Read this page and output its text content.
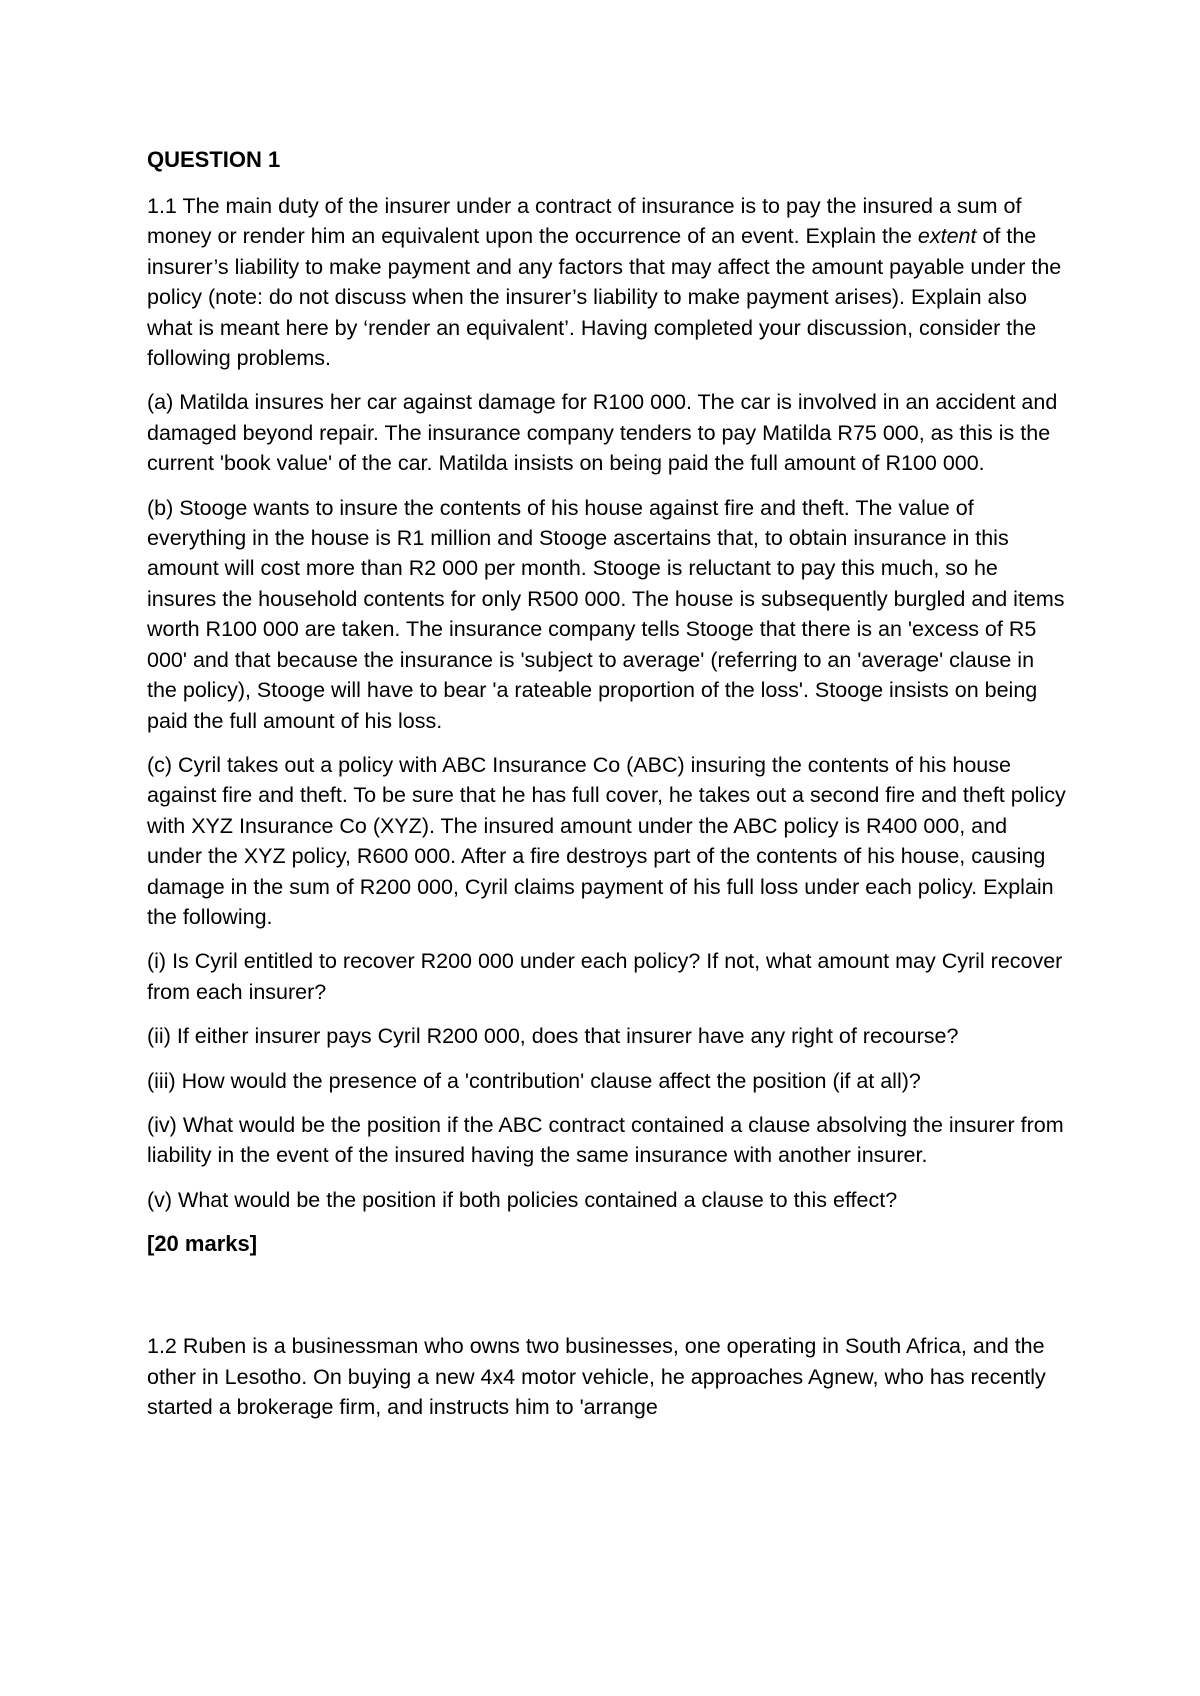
QUESTION 1

1.1 The main duty of the insurer under a contract of insurance is to pay the insured a sum of money or render him an equivalent upon the occurrence of an event. Explain the extent of the insurer’s liability to make payment and any factors that may affect the amount payable under the policy (note: do not discuss when the insurer’s liability to make payment arises). Explain also what is meant here by ‘render an equivalent’. Having completed your discussion, consider the following problems.

(a) Matilda insures her car against damage for R100 000. The car is involved in an accident and damaged beyond repair. The insurance company tenders to pay Matilda R75 000, as this is the current 'book value' of the car. Matilda insists on being paid the full amount of R100 000.

(b) Stooge wants to insure the contents of his house against fire and theft. The value of everything in the house is R1 million and Stooge ascertains that, to obtain insurance in this amount will cost more than R2 000 per month. Stooge is reluctant to pay this much, so he insures the household contents for only R500 000. The house is subsequently burgled and items worth R100 000 are taken. The insurance company tells Stooge that there is an 'excess of R5 000' and that because the insurance is 'subject to average' (referring to an 'average' clause in the policy), Stooge will have to bear 'a rateable proportion of the loss'. Stooge insists on being paid the full amount of his loss.

(c) Cyril takes out a policy with ABC Insurance Co (ABC) insuring the contents of his house against fire and theft. To be sure that he has full cover, he takes out a second fire and theft policy with XYZ Insurance Co (XYZ). The insured amount under the ABC policy is R400 000, and under the XYZ policy, R600 000. After a fire destroys part of the contents of his house, causing damage in the sum of R200 000, Cyril claims payment of his full loss under each policy. Explain the following.

(i) Is Cyril entitled to recover R200 000 under each policy? If not, what amount may Cyril recover from each insurer?

(ii) If either insurer pays Cyril R200 000, does that insurer have any right of recourse?

(iii) How would the presence of a 'contribution' clause affect the position (if at all)?

(iv) What would be the position if the ABC contract contained a clause absolving the insurer from liability in the event of the insured having the same insurance with another insurer.

(v) What would be the position if both policies contained a clause to this effect?

[20 marks]

1.2 Ruben is a businessman who owns two businesses, one operating in South Africa, and the other in Lesotho. On buying a new 4x4 motor vehicle, he approaches Agnew, who has recently started a brokerage firm, and instructs him to 'arrange
